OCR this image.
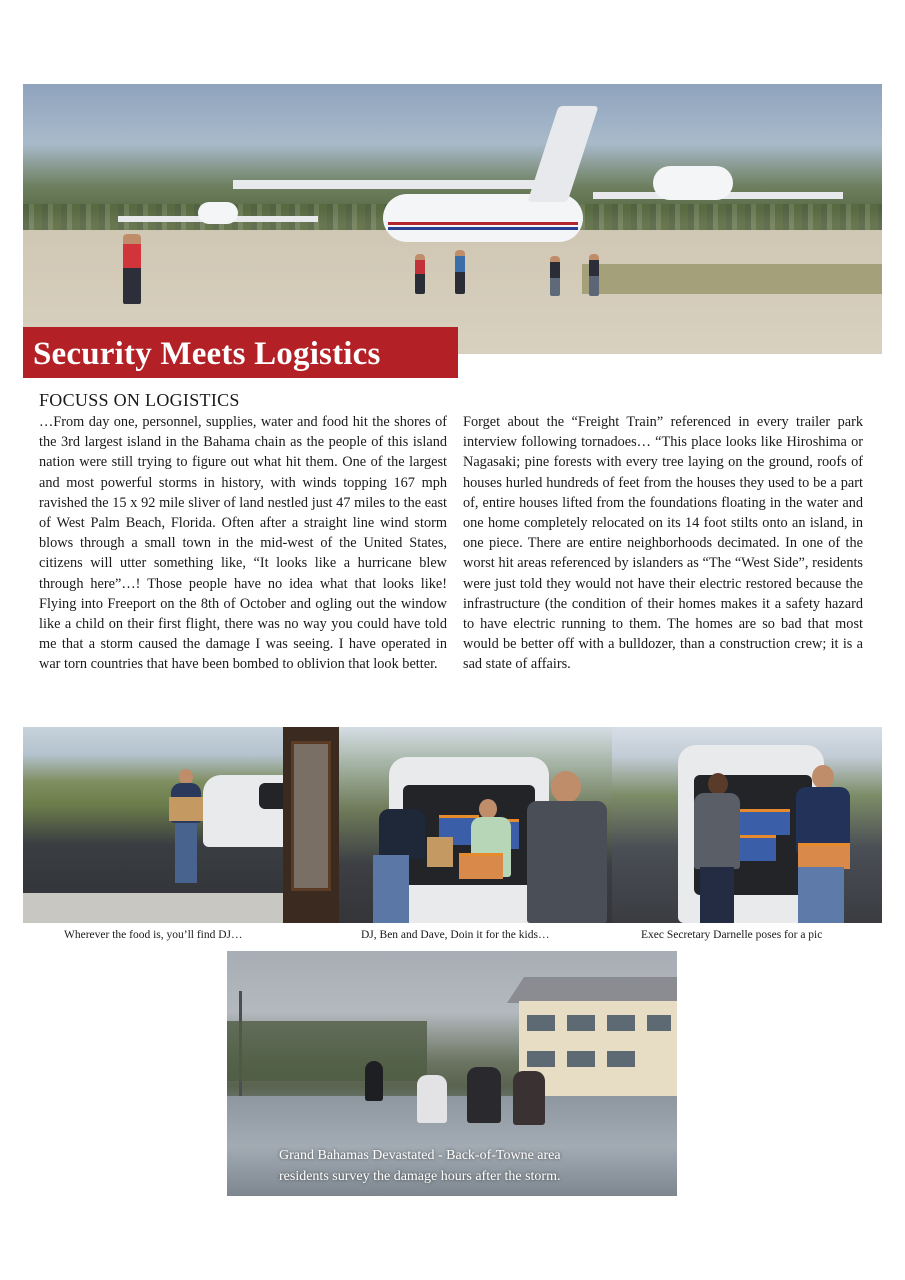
Security Meets Logistics
FOCUSS ON LOGISTICS

…From day one, personnel, supplies, water and food hit the shores of the 3rd largest island in the Bahama chain as the people of this island nation were still trying to figure out what hit them. One of the largest and most powerful storms in history, with winds topping 167 mph ravished the 15 x 92 mile sliver of land nestled just 47 miles to the east of West Palm Beach, Florida. Often after a straight line wind storm blows through a small town in the mid-west of the United States, citizens will utter something like, “It looks like a hurricane blew through here”…! Those people have no idea what that looks like! Flying into Freeport on the 8th of October and ogling out the window like a child on their first flight, there was no way you could have told me that a storm caused the damage I was seeing. I have operated in war torn countries that have been bombed to oblivion that look better.

Forget about the “Freight Train” referenced in every trailer park interview following tornadoes… “This place looks like Hiroshima or Nagasaki; pine forests with every tree laying on the ground, roofs of houses hurled hundreds of feet from the houses they used to be a part of, entire houses lifted from the foundations floating in the water and one home completely relocated on its 14 foot stilts onto an island, in one piece. There are entire neighborhoods decimated. In one of the worst hit areas referenced by islanders as “The “West Side”, residents were just told they would not have their electric restored because the infrastructure (the condition of their homes makes it a safety hazard to have electric running to them. The homes are so bad that most would be better off with a bulldozer, than a construction crew; it is a sad state of affairs.

Wherever the food is, you’ll find DJ…	DJ, Ben and Dave, Doin it for the kids…	Exec Secretary Darnelle poses for a pic
Grand Bahamas Devastated - Back-of-Towne area
residents survey the damage hours after the storm.
